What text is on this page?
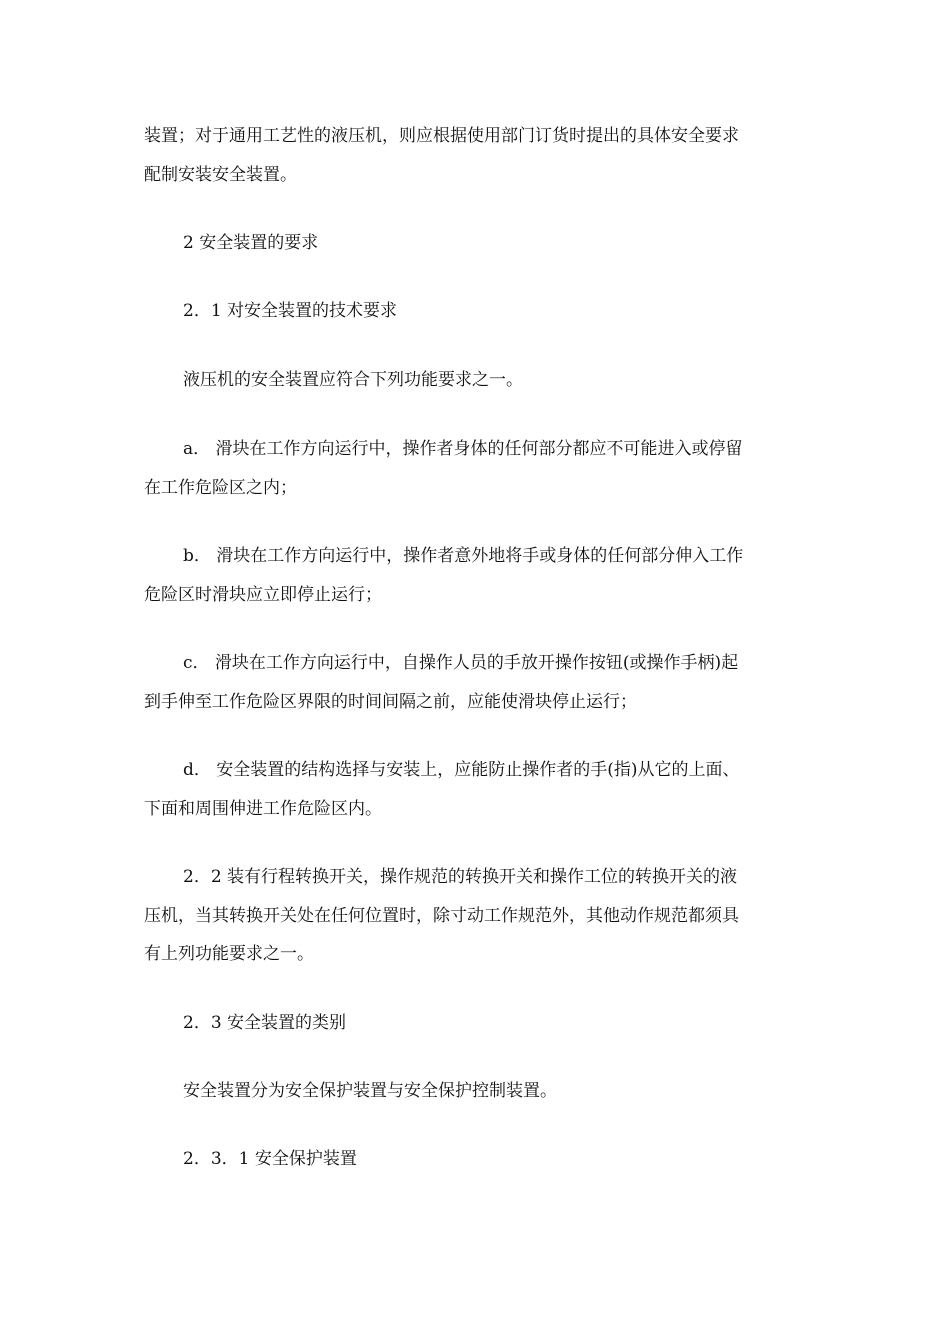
装置；对于通用工艺性的液压机，则应根据使用部门订货时提出的具体安全要求
配制安装安全装置。
2 安全装置的要求
2．1 对安全装置的技术要求
液压机的安全装置应符合下列功能要求之一。
a． 滑块在工作方向运行中，操作者身体的任何部分都应不可能进入或停留
在工作危险区之内；
b． 滑块在工作方向运行中，操作者意外地将手或身体的任何部分伸入工作
危险区时滑块应立即停止运行；
c． 滑块在工作方向运行中，自操作人员的手放开操作按钮(或操作手柄)起
到手伸至工作危险区界限的时间间隔之前，应能使滑块停止运行；
d． 安全装置的结构选择与安装上，应能防止操作者的手(指)从它的上面、
下面和周围伸进工作危险区内。
2．2 装有行程转换开关，操作规范的转换开关和操作工位的转换开关的液
压机，当其转换开关处在任何位置时，除寸动工作规范外，其他动作规范都须具
有上列功能要求之一。
2．3 安全装置的类别
安全装置分为安全保护装置与安全保护控制装置。
2．3．1 安全保护装置
